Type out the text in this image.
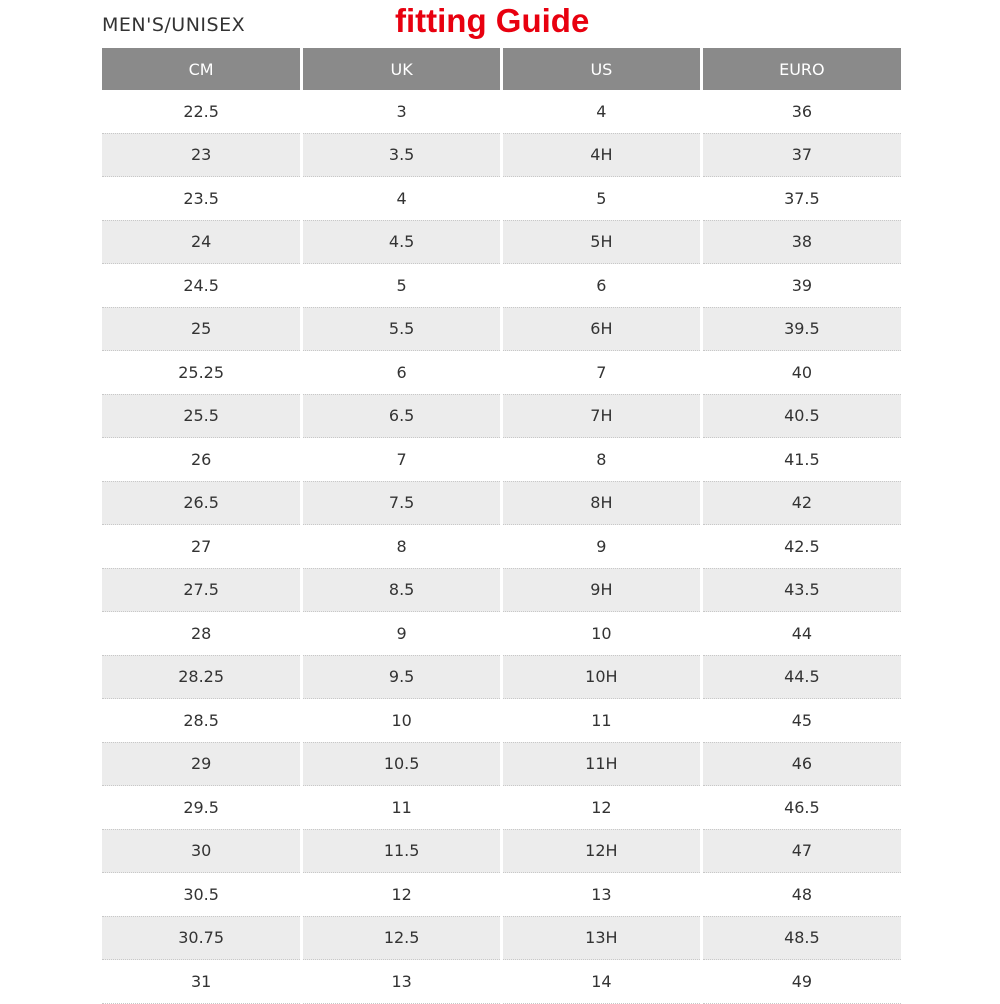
MEN'S/UNISEX	fitting Guide
CM	UK	US	EURO
22.5	3	4	36
23	3.5	4H	37
23.5	4	5	37.5
24	4.5	5H	38
24.5	5	6	39
25	5.5	6H	39.5
25.25	6	7	40
25.5	6.5	7H	40.5
26	7	8	41.5
26.5	7.5	8H	42
27	8	9	42.5
27.5	8.5	9H	43.5
28	9	10	44
28.25	9.5	10H	44.5
28.5	10	11	45
29	10.5	11H	46
29.5	11	12	46.5
30	11.5	12H	47
30.5	12	13	48
30.75	12.5	13H	48.5
31	13	14	49
